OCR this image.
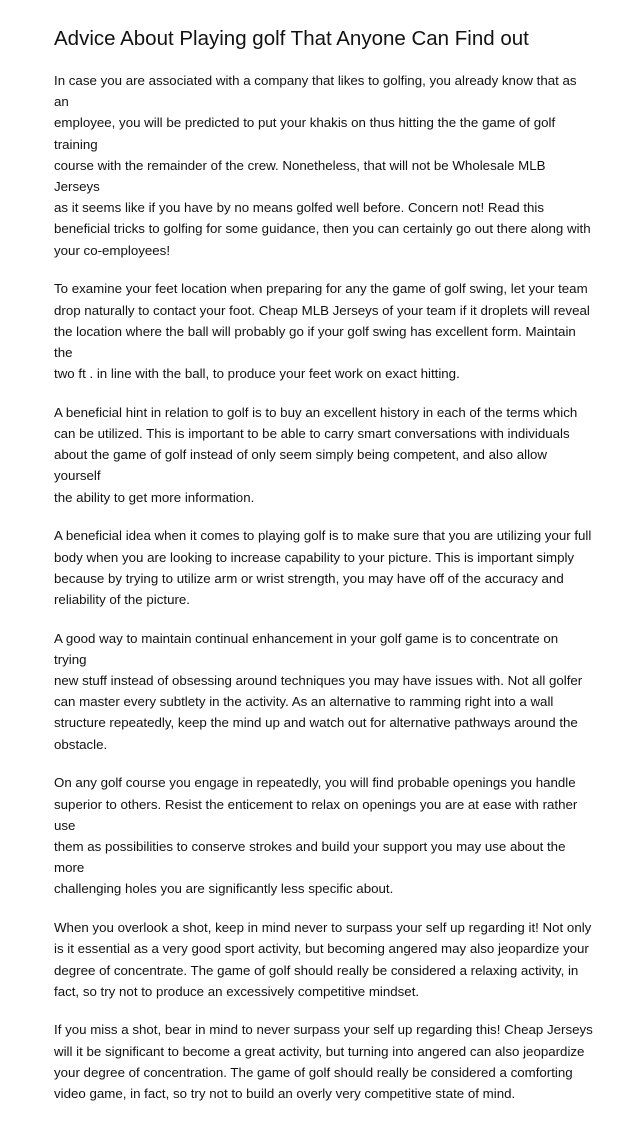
Advice About Playing golf That Anyone Can Find out
In case you are associated with a company that likes to golfing, you already know that as an
employee, you will be predicted to put your khakis on thus hitting the the game of golf training
course with the remainder of the crew. Nonetheless, that will not be Wholesale MLB Jerseys
as it seems like if you have by no means golfed well before. Concern not! Read this
beneficial tricks to golfing for some guidance, then you can certainly go out there along with
your co-employees!
To examine your feet location when preparing for any the game of golf swing, let your team
drop naturally to contact your foot. Cheap MLB Jerseys of your team if it droplets will reveal
the location where the ball will probably go if your golf swing has excellent form. Maintain the
two ft . in line with the ball, to produce your feet work on exact hitting.
A beneficial hint in relation to golf is to buy an excellent history in each of the terms which
can be utilized. This is important to be able to carry smart conversations with individuals
about the game of golf instead of only seem simply being competent, and also allow yourself
the ability to get more information.
A beneficial idea when it comes to playing golf is to make sure that you are utilizing your full
body when you are looking to increase capability to your picture. This is important simply
because by trying to utilize arm or wrist strength, you may have off of the accuracy and
reliability of the picture.
A good way to maintain continual enhancement in your golf game is to concentrate on trying
new stuff instead of obsessing around techniques you may have issues with. Not all golfer
can master every subtlety in the activity. As an alternative to ramming right into a wall
structure repeatedly, keep the mind up and watch out for alternative pathways around the
obstacle.
On any golf course you engage in repeatedly, you will find probable openings you handle
superior to others. Resist the enticement to relax on openings you are at ease with rather use
them as possibilities to conserve strokes and build your support you may use about the more
challenging holes you are significantly less specific about.
When you overlook a shot, keep in mind never to surpass your self up regarding it! Not only
is it essential as a very good sport activity, but becoming angered may also jeopardize your
degree of concentrate. The game of golf should really be considered a relaxing activity, in
fact, so try not to produce an excessively competitive mindset.
If you miss a shot, bear in mind to never surpass your self up regarding this! Cheap Jerseys
will it be significant to become a great activity, but turning into angered can also jeopardize
your degree of concentration. The game of golf should really be considered a comforting
video game, in fact, so try not to build an overly very competitive state of mind.
